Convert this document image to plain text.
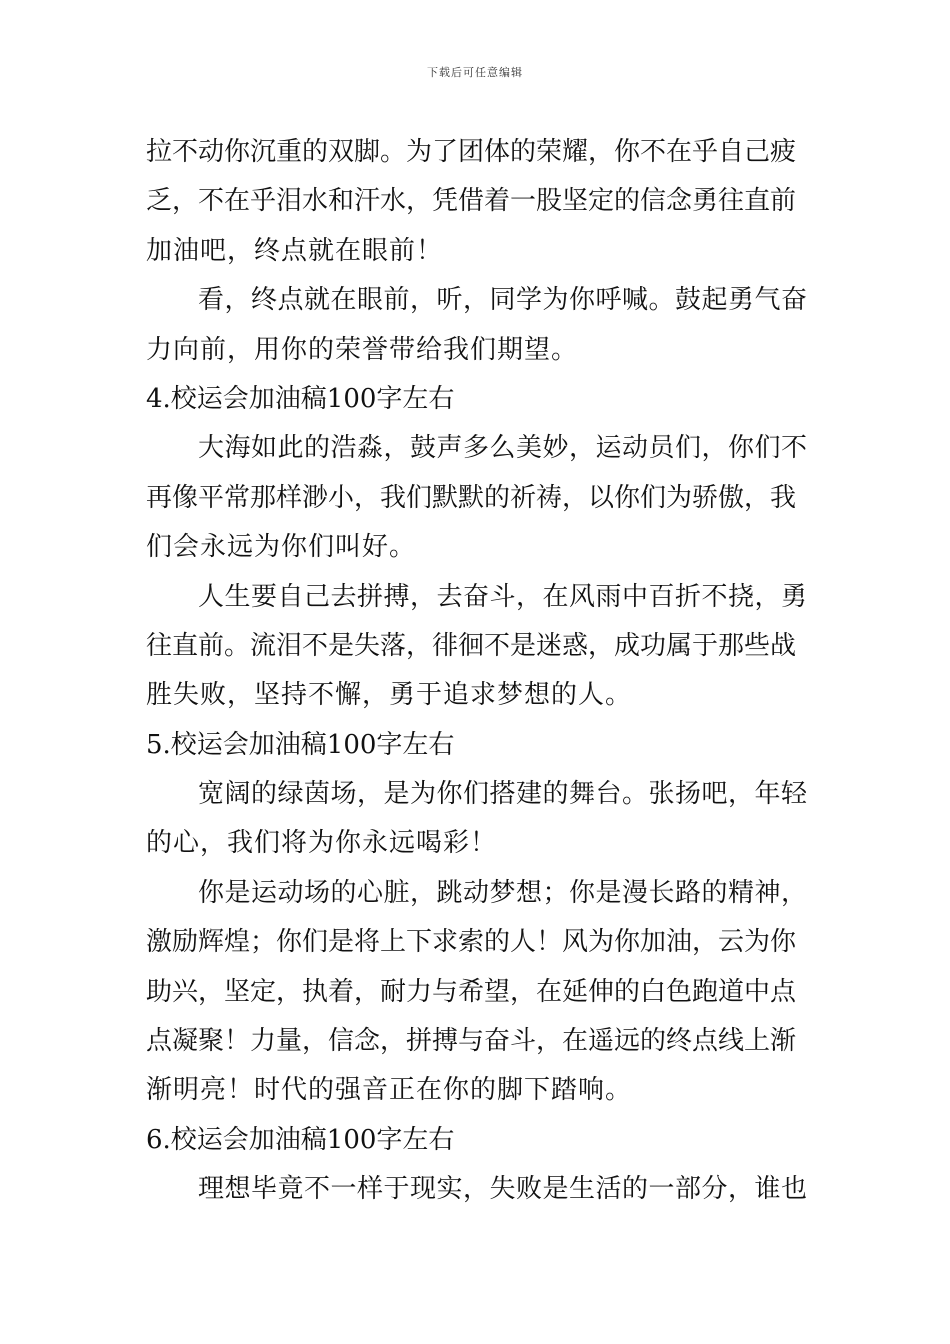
下载后可任意编辑
拉不动你沉重的双脚。为了团体的荣耀，你不在乎自己疲
乏，不在乎泪水和汗水，凭借着一股坚定的信念勇往直前
加油吧，终点就在眼前！
看，终点就在眼前，听，同学为你呼喊。鼓起勇气奋
力向前，用你的荣誉带给我们期望。
4.校运会加油稿100字左右
大海如此的浩淼，鼓声多么美妙，运动员们，你们不
再像平常那样渺小，我们默默的祈祷，以你们为骄傲，我
们会永远为你们叫好。
人生要自己去拼搏，去奋斗，在风雨中百折不挠，勇
往直前。流泪不是失落，徘徊不是迷惑，成功属于那些战
胜失败，坚持不懈，勇于追求梦想的人。
5.校运会加油稿100字左右
宽阔的绿茵场，是为你们搭建的舞台。张扬吧，年轻
的心，我们将为你永远喝彩！
你是运动场的心脏，跳动梦想；你是漫长路的精神，
激励辉煌；你们是将上下求索的人！风为你加油，云为你
助兴，坚定，执着，耐力与希望，在延伸的白色跑道中点
点凝聚！力量，信念，拼搏与奋斗，在遥远的终点线上渐
渐明亮！时代的强音正在你的脚下踏响。
6.校运会加油稿100字左右
理想毕竟不一样于现实，失败是生活的一部分，谁也
